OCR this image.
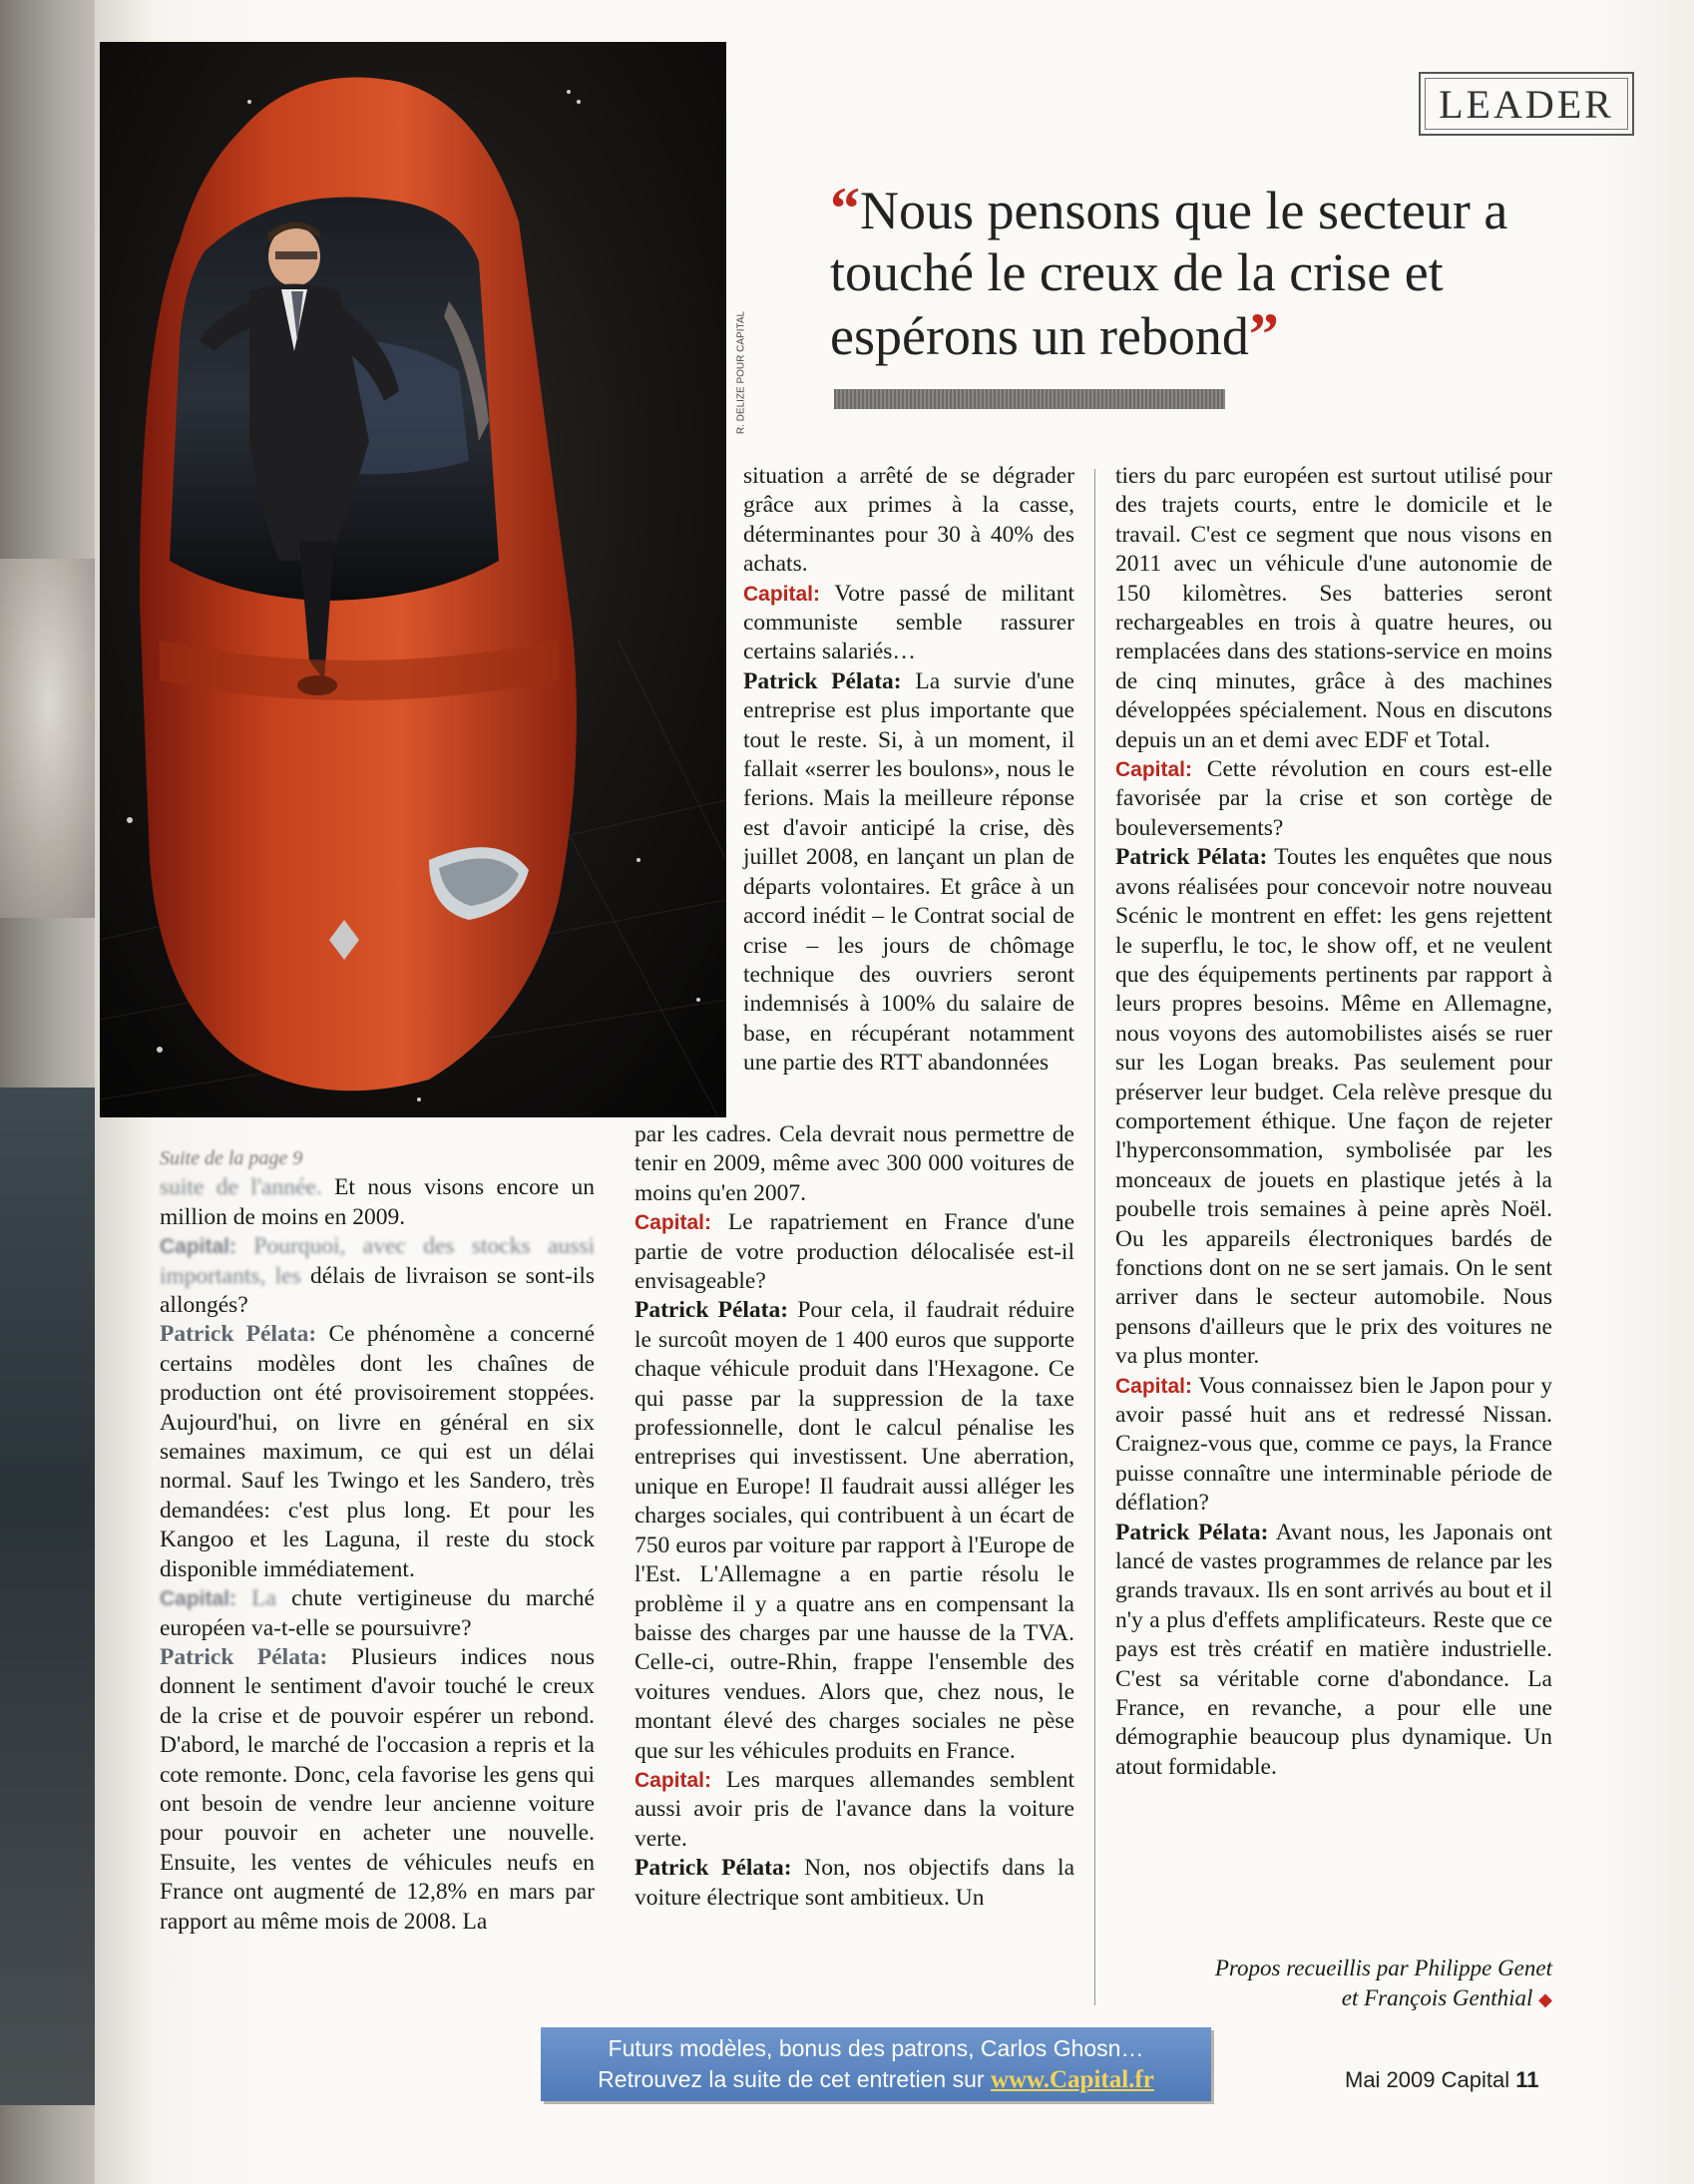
R. DELIZE POUR CAPITAL
LEADER
“Nous pensons que le secteur a touché le creux de la crise et espérons un rebond”

Suite de la page 9

suite de l'année. Et nous visons encore un million de moins en 2009.

Capital: Pourquoi, avec des stocks aussi importants, les délais de livraison se sont-ils allongés?

Patrick Pélata: Ce phénomène a concerné certains modèles dont les chaînes de production ont été provisoirement stoppées. Aujourd'hui, on livre en général en six semaines maximum, ce qui est un délai normal. Sauf les Twingo et les Sandero, très demandées: c'est plus long. Et pour les Kangoo et les Laguna, il reste du stock disponible immédiatement.

Capital: La chute vertigineuse du marché européen va-t-elle se poursuivre?

Patrick Pélata: Plusieurs indices nous donnent le sentiment d'avoir touché le creux de la crise et de pouvoir espérer un rebond. D'abord, le marché de l'occasion a repris et la cote remonte. Donc, cela favorise les gens qui ont besoin de vendre leur ancienne voiture pour pouvoir en acheter une nouvelle. Ensuite, les ventes de véhicules neufs en France ont augmenté de 12,8% en mars par rapport au même mois de 2008. La

situation a arrêté de se dégrader grâce aux primes à la casse, déterminantes pour 30 à 40% des achats.

Capital: Votre passé de militant communiste semble rassurer certains salariés…

Patrick Pélata: La survie d'une entreprise est plus importante que tout le reste. Si, à un moment, il fallait «serrer les boulons», nous le ferions. Mais la meilleure réponse est d'avoir anticipé la crise, dès juillet 2008, en lançant un plan de départs volontaires. Et grâce à un accord inédit – le Contrat social de crise – les jours de chômage technique des ouvriers seront indemnisés à 100% du salaire de base, en récupérant notamment une partie des RTT abandonnées

par les cadres. Cela devrait nous permettre de tenir en 2009, même avec 300 000 voitures de moins qu'en 2007.

Capital: Le rapatriement en France d'une partie de votre production délocalisée est-il envisageable?

Patrick Pélata: Pour cela, il faudrait réduire le surcoût moyen de 1 400 euros que supporte chaque véhicule produit dans l'Hexagone. Ce qui passe par la suppression de la taxe professionnelle, dont le calcul pénalise les entreprises qui investissent. Une aberration, unique en Europe! Il faudrait aussi alléger les charges sociales, qui contribuent à un écart de 750 euros par voiture par rapport à l'Europe de l'Est. L'Allemagne a en partie résolu le problème il y a quatre ans en compensant la baisse des charges par une hausse de la TVA. Celle-ci, outre-Rhin, frappe l'ensemble des voitures vendues. Alors que, chez nous, le montant élevé des charges sociales ne pèse que sur les véhicules produits en France.

Capital: Les marques allemandes semblent aussi avoir pris de l'avance dans la voiture verte.

Patrick Pélata: Non, nos objectifs dans la voiture électrique sont ambitieux. Un

tiers du parc européen est surtout utilisé pour des trajets courts, entre le domicile et le travail. C'est ce segment que nous visons en 2011 avec un véhicule d'une autonomie de 150 kilomètres. Ses batteries seront rechargeables en trois à quatre heures, ou remplacées dans des stations-service en moins de cinq minutes, grâce à des machines développées spécialement. Nous en discutons depuis un an et demi avec EDF et Total.

Capital: Cette révolution en cours est-elle favorisée par la crise et son cortège de bouleversements?

Patrick Pélata: Toutes les enquêtes que nous avons réalisées pour concevoir notre nouveau Scénic le montrent en effet: les gens rejettent le superflu, le toc, le show off, et ne veulent que des équipements pertinents par rapport à leurs propres besoins. Même en Allemagne, nous voyons des automobilistes aisés se ruer sur les Logan breaks. Pas seulement pour préserver leur budget. Cela relève presque du comportement éthique. Une façon de rejeter l'hyperconsommation, symbolisée par les monceaux de jouets en plastique jetés à la poubelle trois semaines à peine après Noël. Ou les appareils électroniques bardés de fonctions dont on ne se sert jamais. On le sent arriver dans le secteur automobile. Nous pensons d'ailleurs que le prix des voitures ne va plus monter.

Capital: Vous connaissez bien le Japon pour y avoir passé huit ans et redressé Nissan. Craignez-vous que, comme ce pays, la France puisse connaître une interminable période de déflation?

Patrick Pélata: Avant nous, les Japonais ont lancé de vastes programmes de relance par les grands travaux. Ils en sont arrivés au bout et il n'y a plus d'effets amplificateurs. Reste que ce pays est très créatif en matière industrielle. C'est sa véritable corne d'abondance. La France, en revanche, a pour elle une démographie beaucoup plus dynamique. Un atout formidable.

Propos recueillis par Philippe Genet
et François Genthial ◆
Futurs modèles, bonus des patrons, Carlos Ghosn…
Retrouvez la suite de cet entretien sur www.Capital.fr	Mai 2009 Capital 11
